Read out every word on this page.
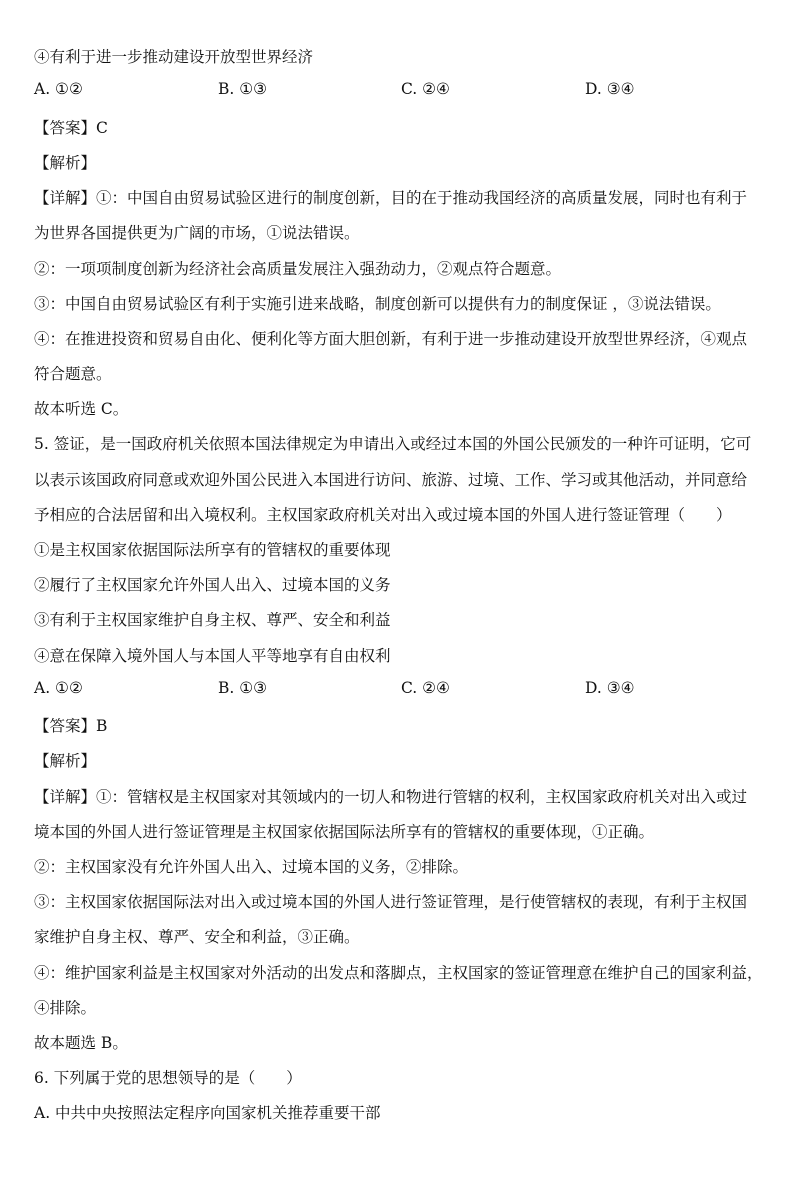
④有利于进一步推动建设开放型世界经济
A. ①②	B. ①③	C. ②④	D. ③④
【答案】C
【解析】
【详解】①：中国自由贸易试验区进行的制度创新，目的在于推动我国经济的高质量发展，同时也有利于
为世界各国提供更为广阔的市场，①说法错误。
②：一项项制度创新为经济社会高质量发展注入强劲动力，②观点符合题意。
③：中国自由贸易试验区有利于实施引进来战略，制度创新可以提供有力的制度保证 ，③说法错误。
④：在推进投资和贸易自由化、便利化等方面大胆创新，有利于进一步推动建设开放型世界经济，④观点
符合题意。
故本听选 C。
5. 签证，是一国政府机关依照本国法律规定为申请出入或经过本国的外国公民颁发的一种许可证明，它可
以表示该国政府同意或欢迎外国公民进入本国进行访问、旅游、过境、工作、学习或其他活动，并同意给
予相应的合法居留和出入境权利。主权国家政府机关对出入或过境本国的外国人进行签证管理（　　）
①是主权国家依据国际法所享有的管辖权的重要体现
②履行了主权国家允许外国人出入、过境本国的义务
③有利于主权国家维护自身主权、尊严、安全和利益
④意在保障入境外国人与本国人平等地享有自由权利
A. ①②	B. ①③	C. ②④	D. ③④
【答案】B
【解析】
【详解】①：管辖权是主权国家对其领域内的一切人和物进行管辖的权利，主权国家政府机关对出入或过
境本国的外国人进行签证管理是主权国家依据国际法所享有的管辖权的重要体现，①正确。
②：主权国家没有允许外国人出入、过境本国的义务，②排除。
③：主权国家依据国际法对出入或过境本国的外国人进行签证管理，是行使管辖权的表现，有利于主权国
家维护自身主权、尊严、安全和利益，③正确。
④：维护国家利益是主权国家对外活动的出发点和落脚点，主权国家的签证管理意在维护自己的国家利益，
④排除。
故本题选 B。
6. 下列属于党的思想领导的是（　　）
A. 中共中央按照法定程序向国家机关推荐重要干部
